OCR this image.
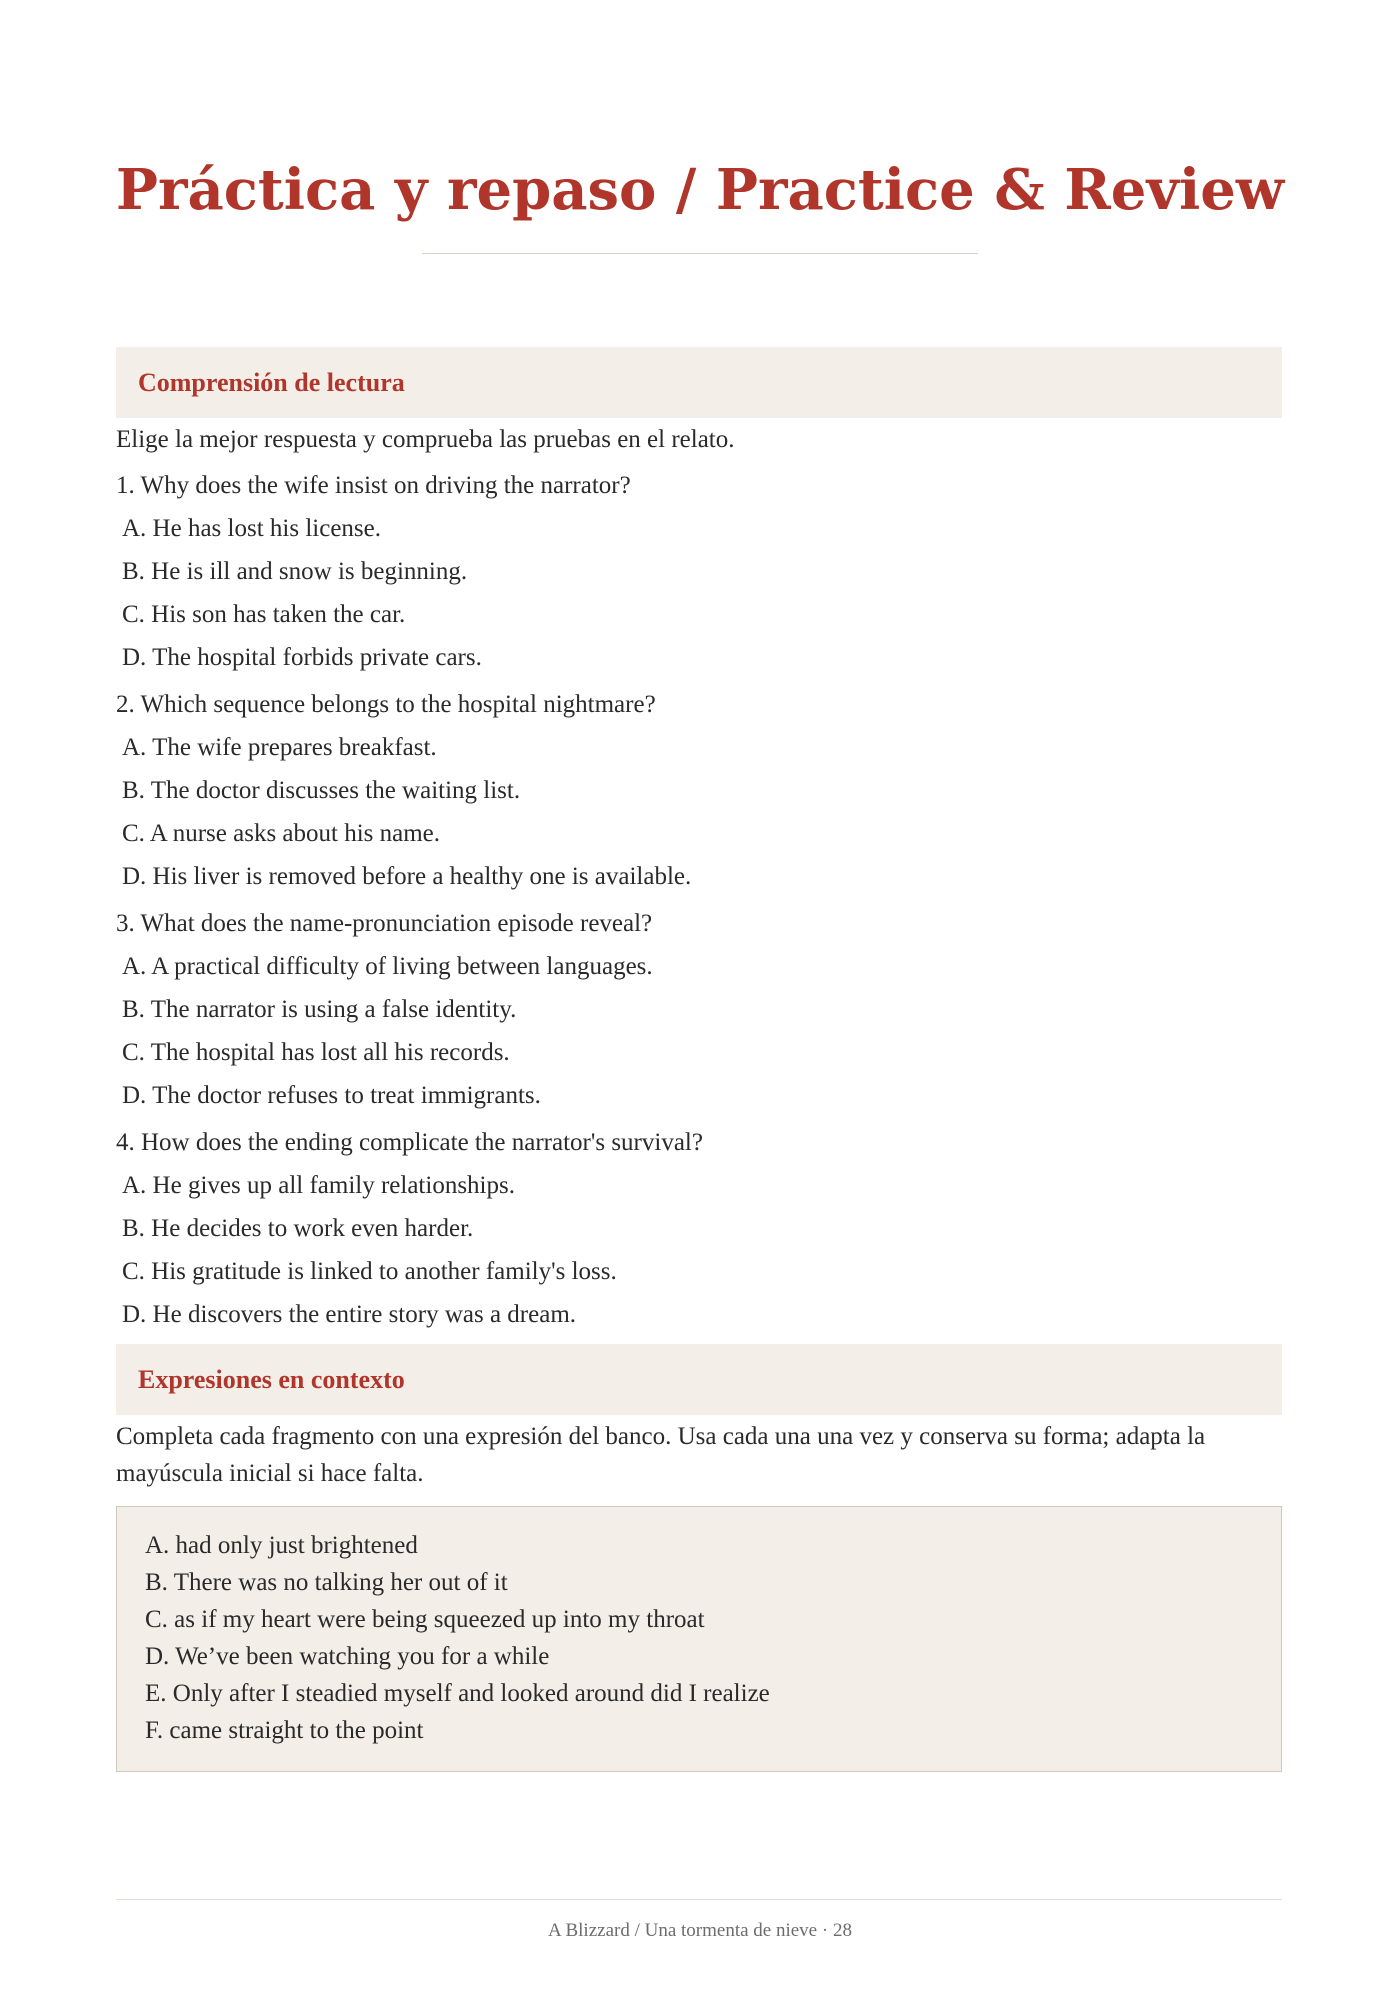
Práctica y repaso / Practice & Review
Comprensión de lectura
Elige la mejor respuesta y comprueba las pruebas en el relato.
1. Why does the wife insist on driving the narrator?
A. He has lost his license.
B. He is ill and snow is beginning.
C. His son has taken the car.
D. The hospital forbids private cars.
2. Which sequence belongs to the hospital nightmare?
A. The wife prepares breakfast.
B. The doctor discusses the waiting list.
C. A nurse asks about his name.
D. His liver is removed before a healthy one is available.
3. What does the name-pronunciation episode reveal?
A. A practical difficulty of living between languages.
B. The narrator is using a false identity.
C. The hospital has lost all his records.
D. The doctor refuses to treat immigrants.
4. How does the ending complicate the narrator's survival?
A. He gives up all family relationships.
B. He decides to work even harder.
C. His gratitude is linked to another family's loss.
D. He discovers the entire story was a dream.
Expresiones en contexto
Completa cada fragmento con una expresión del banco. Usa cada una una vez y conserva su forma; adapta la mayúscula inicial si hace falta.
A. had only just brightened
B. There was no talking her out of it
C. as if my heart were being squeezed up into my throat
D. We’ve been watching you for a while
E. Only after I steadied myself and looked around did I realize
F. came straight to the point
A Blizzard / Una tormenta de nieve · 28
